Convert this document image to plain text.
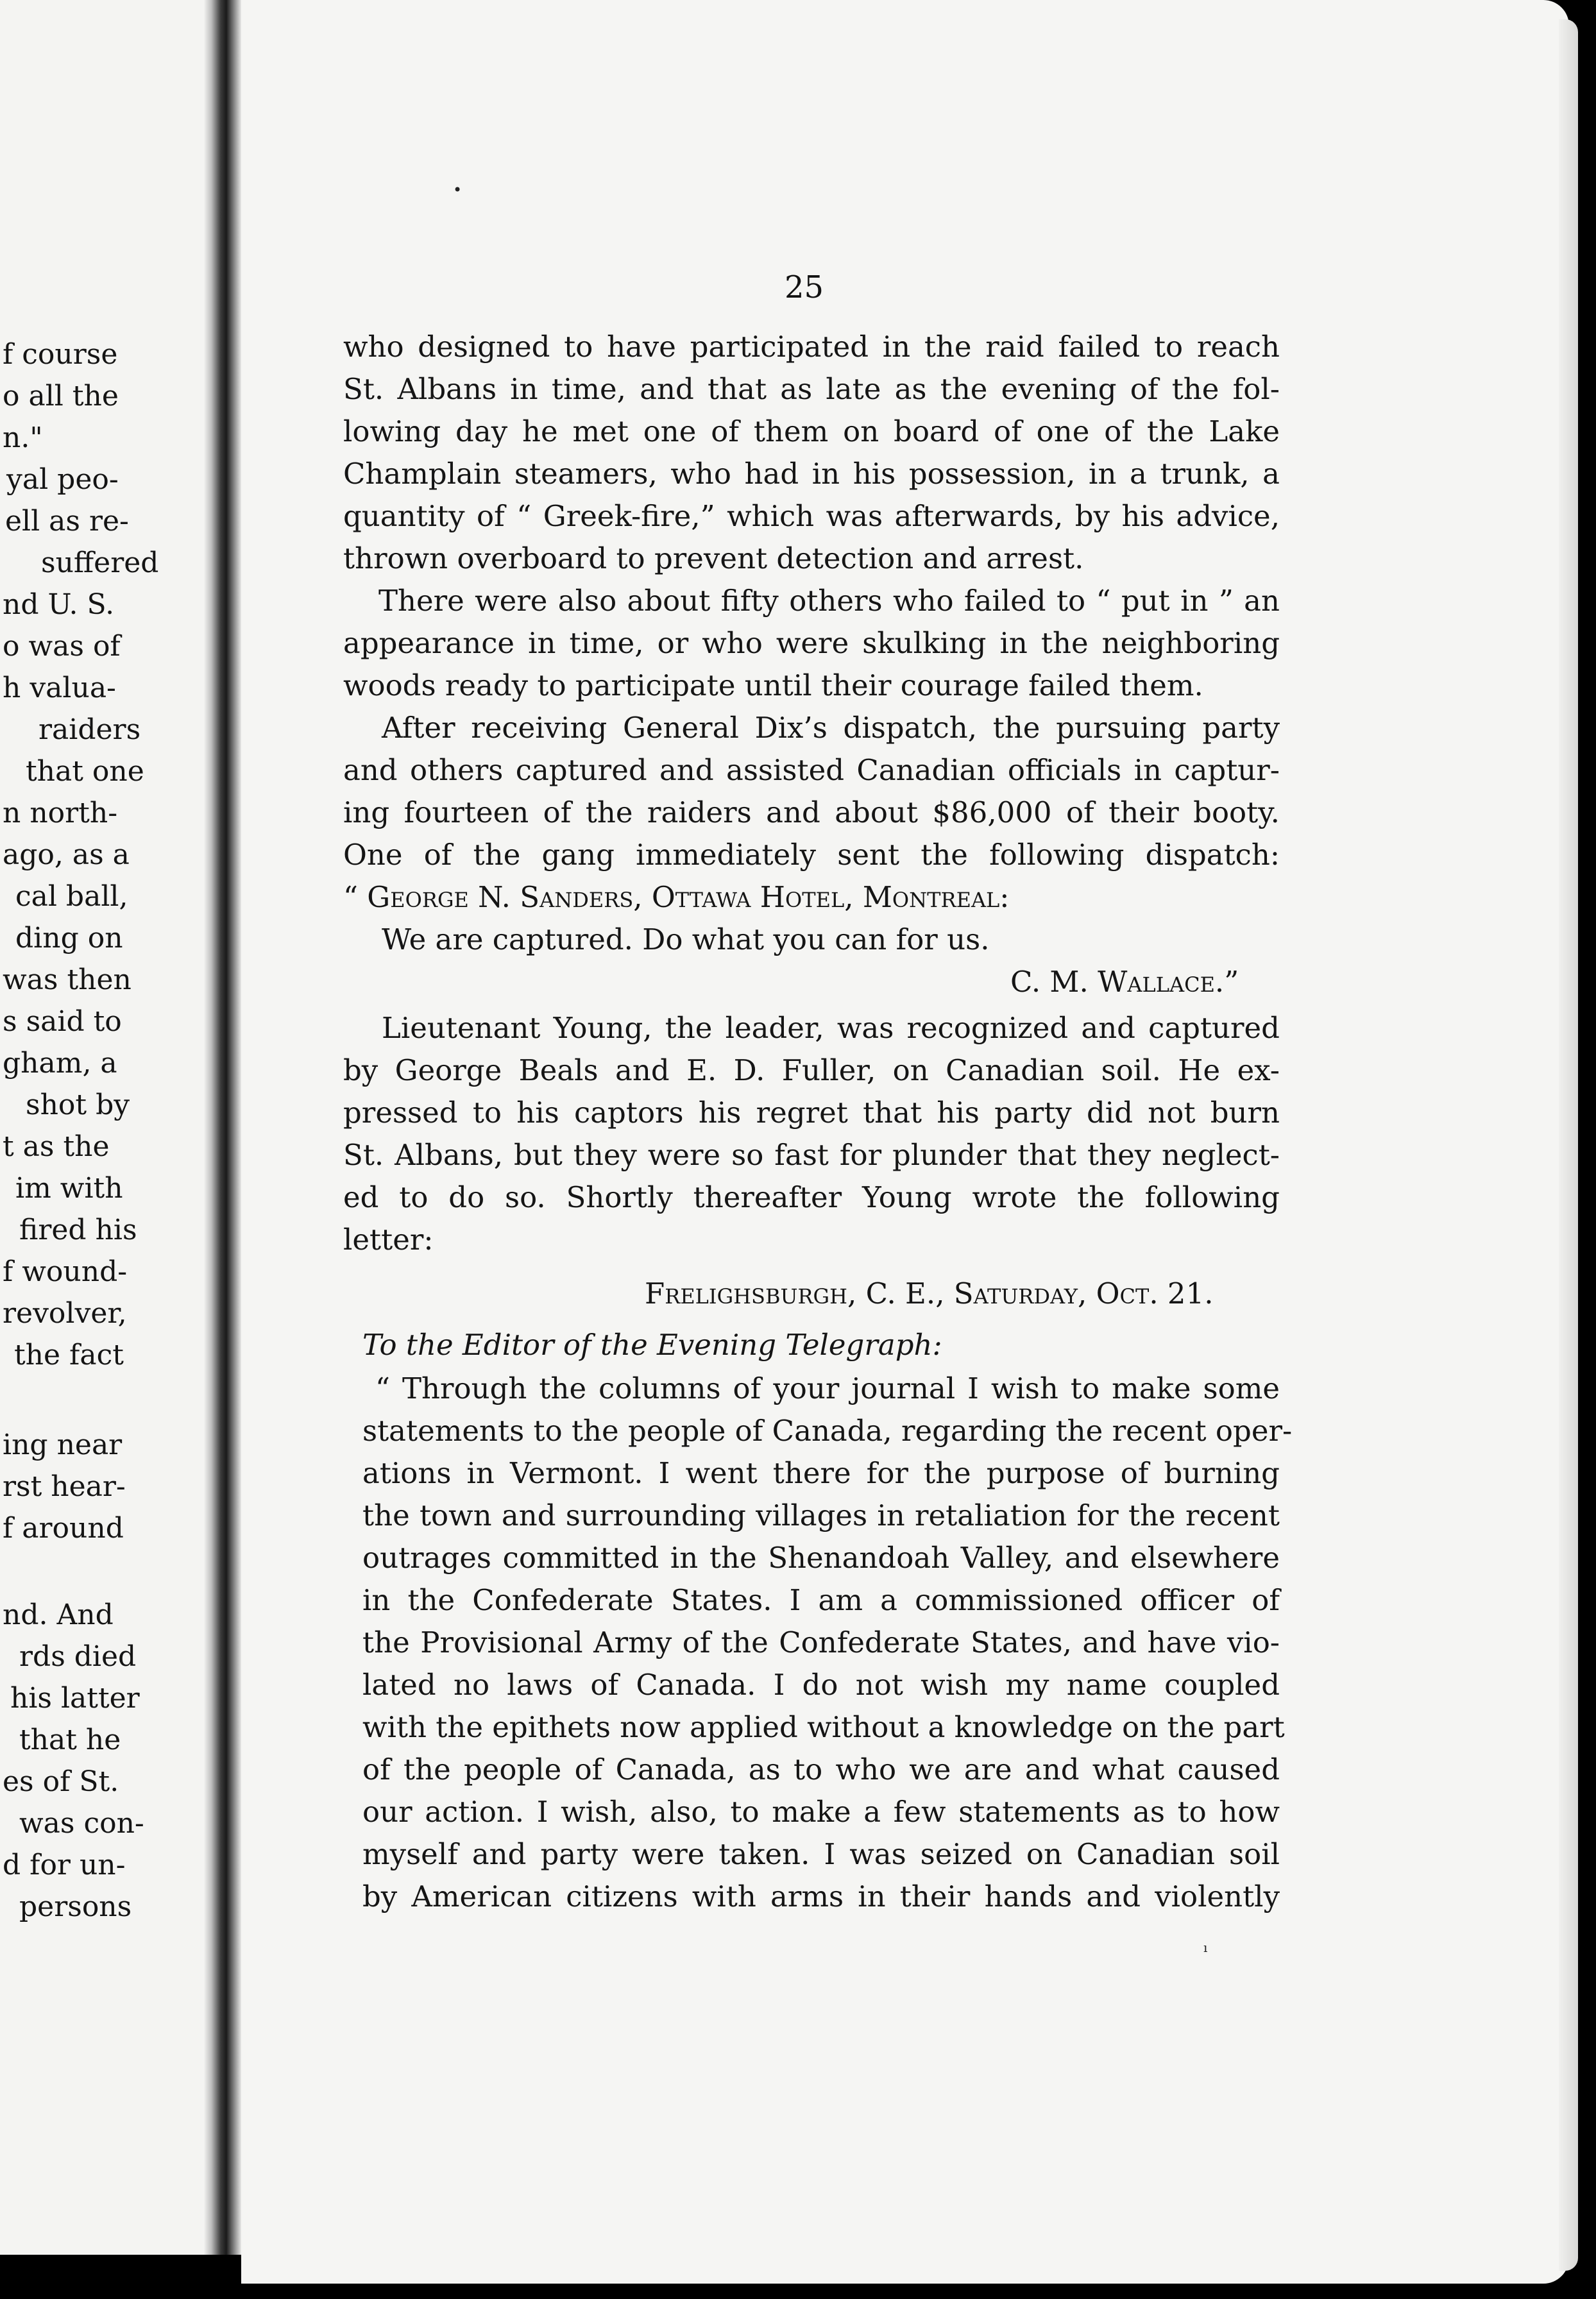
f course
o all the
n."
yal peo-
ell as re-
suffered
nd U. S.
o was of
h valua-
raiders
that one
n north-
ago, as a
cal ball,
ding on
was then
s said to
gham, a
shot by
t as the
im with
fired his
f wound-
revolver,
the fact
ing near
rst hear-
f around
nd. And
rds died
his latter
that he
es of St.
was con-
d for un-
persons
•
ı
25
who designed to have participated in the raid failed to reach
St. Albans in time, and that as late as the evening of the fol-
lowing day he met one of them on board of one of the Lake
Champlain steamers, who had in his possession, in a trunk, a
quantity of “ Greek-fire,” which was afterwards, by his advice,
thrown overboard to prevent detection and arrest.
There were also about fifty others who failed to “ put in ” an
appearance in time, or who were skulking in the neighboring
woods ready to participate until their courage failed them.
After receiving General Dix’s dispatch, the pursuing party
and others captured and assisted Canadian officials in captur-
ing fourteen of the raiders and about $86,000 of their booty.
One of the gang immediately sent the following dispatch:
“ George N. Sanders, Ottawa Hotel, Montreal:
We are captured. Do what you can for us.
C. M. Wallace.”
Lieutenant Young, the leader, was recognized and captured
by George Beals and E. D. Fuller, on Canadian soil. He ex-
pressed to his captors his regret that his party did not burn
St. Albans, but they were so fast for plunder that they neglect-
ed to do so. Shortly thereafter Young wrote the following
letter:
Frelighsburgh, C. E., Saturday, Oct. 21.
To the Editor of the Evening Telegraph:
“ Through the columns of your journal I wish to make some
statements to the people of Canada, regarding the recent oper-
ations in Vermont. I went there for the purpose of burning
the town and surrounding villages in retaliation for the recent
outrages committed in the Shenandoah Valley, and elsewhere
in the Confederate States. I am a commissioned officer of
the Provisional Army of the Confederate States, and have vio-
lated no laws of Canada. I do not wish my name coupled
with the epithets now applied without a knowledge on the part
of the people of Canada, as to who we are and what caused
our action. I wish, also, to make a few statements as to how
myself and party were taken. I was seized on Canadian soil
by American citizens with arms in their hands and violently
